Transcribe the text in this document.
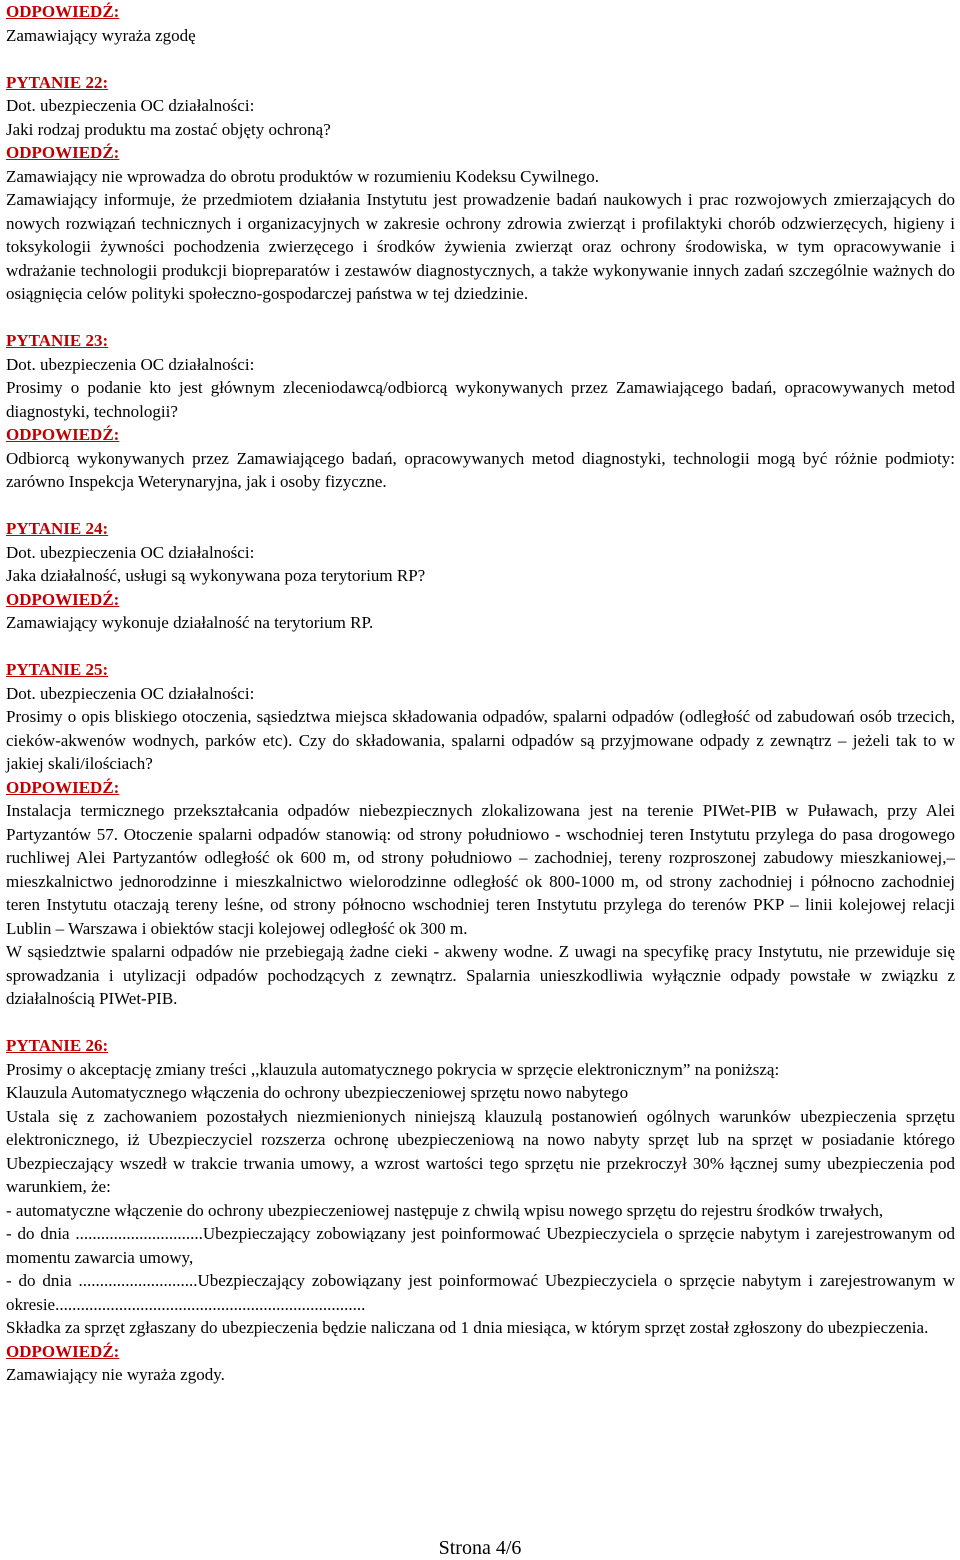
ODPOWIEDŹ:

Zamawiający wyraża zgodę

PYTANIE 22:

Dot. ubezpieczenia OC działalności:

Jaki rodzaj produktu ma zostać objęty ochroną?

ODPOWIEDŹ:

Zamawiający nie wprowadza do obrotu produktów w rozumieniu Kodeksu Cywilnego.

Zamawiający informuje, że przedmiotem działania Instytutu jest prowadzenie badań naukowych i prac rozwojowych zmierzających do nowych rozwiązań technicznych i organizacyjnych w zakresie ochrony zdrowia zwierząt i profilaktyki chorób odzwierzęcych, higieny i toksykologii żywności pochodzenia zwierzęcego i środków żywienia zwierząt oraz ochrony środowiska, w tym opracowywanie i wdrażanie technologii produkcji biopreparatów i zestawów diagnostycznych, a także wykonywanie innych zadań szczególnie ważnych do osiągnięcia celów polityki społeczno-gospodarczej państwa w tej dziedzinie.

PYTANIE 23:

Dot. ubezpieczenia OC działalności:

Prosimy o podanie kto jest głównym zleceniodawcą/odbiorcą wykonywanych przez Zamawiającego badań, opracowywanych metod diagnostyki, technologii?

ODPOWIEDŹ:

Odbiorcą wykonywanych przez Zamawiającego badań, opracowywanych metod diagnostyki, technologii mogą być różnie podmioty: zarówno Inspekcja Weterynaryjna, jak i osoby fizyczne.

PYTANIE 24:

Dot. ubezpieczenia OC działalności:

Jaka działalność, usługi są wykonywana poza terytorium RP?

ODPOWIEDŹ:

Zamawiający wykonuje działalność na terytorium RP.

PYTANIE 25:

Dot. ubezpieczenia OC działalności:

Prosimy o opis bliskiego otoczenia, sąsiedztwa miejsca składowania odpadów, spalarni odpadów (odległość od zabudowań osób trzecich, cieków-akwenów wodnych, parków etc). Czy do składowania, spalarni odpadów są przyjmowane odpady z zewnątrz – jeżeli tak to w jakiej skali/ilościach?

ODPOWIEDŹ:

Instalacja termicznego przekształcania odpadów niebezpiecznych zlokalizowana jest na terenie PIWet-PIB w Puławach, przy Alei Partyzantów 57. Otoczenie spalarni odpadów stanowią: od strony południowo - wschodniej teren Instytutu przylega do pasa drogowego ruchliwej Alei Partyzantów odległość ok 600 m, od strony południowo – zachodniej, tereny rozproszonej zabudowy mieszkaniowej,– mieszkalnictwo jednorodzinne i mieszkalnictwo wielorodzinne odległość ok 800-1000 m, od strony zachodniej i północno zachodniej teren Instytutu otaczają tereny leśne, od strony północno wschodniej teren Instytutu przylega do terenów PKP – linii kolejowej relacji Lublin – Warszawa i obiektów stacji kolejowej odległość ok 300 m.

W sąsiedztwie spalarni odpadów nie przebiegają żadne cieki - akweny wodne. Z uwagi na specyfikę pracy Instytutu, nie przewiduje się sprowadzania i utylizacji odpadów pochodzących z zewnątrz. Spalarnia unieszkodliwia wyłącznie odpady powstałe w związku z działalnością PIWet-PIB.

PYTANIE 26:

Prosimy o akceptację zmiany treści ,,klauzula automatycznego pokrycia w sprzęcie elektronicznym” na poniższą:

Klauzula Automatycznego włączenia do ochrony ubezpieczeniowej sprzętu nowo nabytego

Ustala się z zachowaniem pozostałych niezmienionych niniejszą klauzulą postanowień ogólnych warunków ubezpieczenia sprzętu elektronicznego, iż Ubezpieczyciel rozszerza ochronę ubezpieczeniową na nowo nabyty sprzęt lub na sprzęt w posiadanie którego Ubezpieczający wszedł w trakcie trwania umowy, a wzrost wartości tego sprzętu nie przekroczył 30% łącznej sumy ubezpieczenia pod warunkiem, że:

- automatyczne włączenie do ochrony ubezpieczeniowej następuje z chwilą wpisu nowego sprzętu do rejestru środków trwałych,

- do dnia ..............................Ubezpieczający zobowiązany jest poinformować Ubezpieczyciela o sprzęcie nabytym i zarejestrowanym od momentu zawarcia umowy,

- do dnia ............................Ubezpieczający zobowiązany jest poinformować Ubezpieczyciela o sprzęcie nabytym i zarejestrowanym w okresie.........................................................................

Składka za sprzęt zgłaszany do ubezpieczenia będzie naliczana od 1 dnia miesiąca, w którym sprzęt został zgłoszony do ubezpieczenia.

ODPOWIEDŹ:

Zamawiający nie wyraża zgody.

Strona 4/6
